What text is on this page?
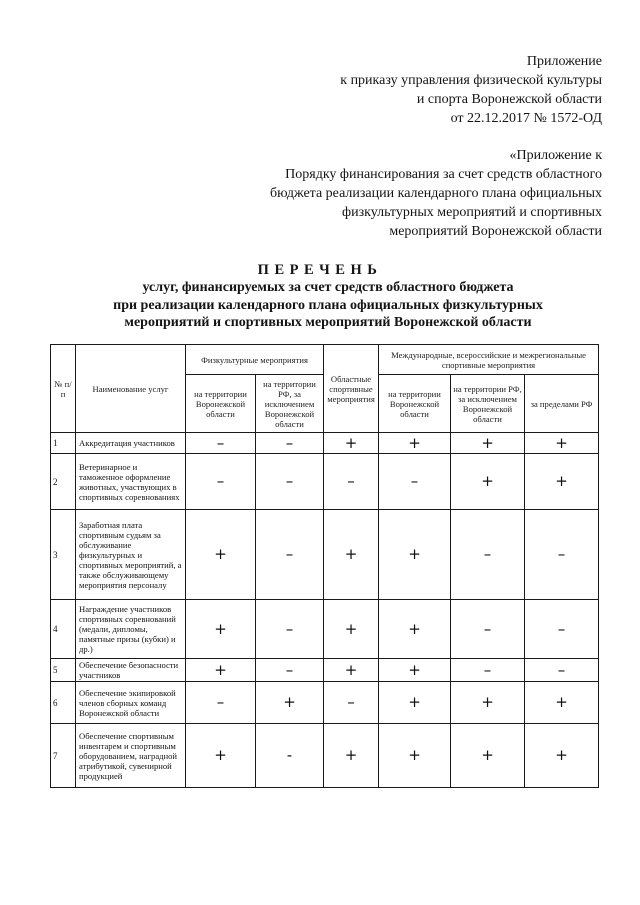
Приложение
к приказу управления физической культуры
и спорта Воронежской области
от 22.12.2017 № 1572-ОД
«Приложение к
Порядку финансирования за счет средств областного
бюджета реализации календарного плана официальных
физкультурных мероприятий и спортивных
мероприятий Воронежской области
ПЕРЕЧЕНЬ
услуг, финансируемых за счет средств областного бюджета
при реализации календарного плана официальных физкультурных
мероприятий и спортивных мероприятий Воронежской области
№ п/п	Наименование услуг	Физкультурные мероприятия		Областные спортивные мероприятия	Международные, всероссийские и межрегиональные спортивные мероприятия		
		на территории Воронежской области	на территории РФ, за исключением Воронежской области		на территории Воронежской области	на территории РФ, за исключением Воронежской области	за пределами РФ
1	Аккредитация участников	–	–	+	+	+	+
2	Ветеринарное и таможенное оформление животных, участвующих в спортивных соревнованиях	–	–	–	–	+	+
3	Заработная плата спортивным судьям за обслуживание физкультурных и спортивных мероприятий, а также обслуживающему мероприятия персоналу	+	–	+	+	–	–
4	Награждение участников спортивных соревнований (медали, дипломы, памятные призы (кубки) и др.)	+	–	+	+	–	–
5	Обеспечение безопасности участников	+	–	+	+	–	–
6	Обеспечение экипировкой членов сборных команд Воронежской области	–	+	–	+	+	+
7	Обеспечение спортивным инвентарем и спортивным оборудованием, наградной атрибутикой, сувенирной продукцией	+	-	+	+	+	+
